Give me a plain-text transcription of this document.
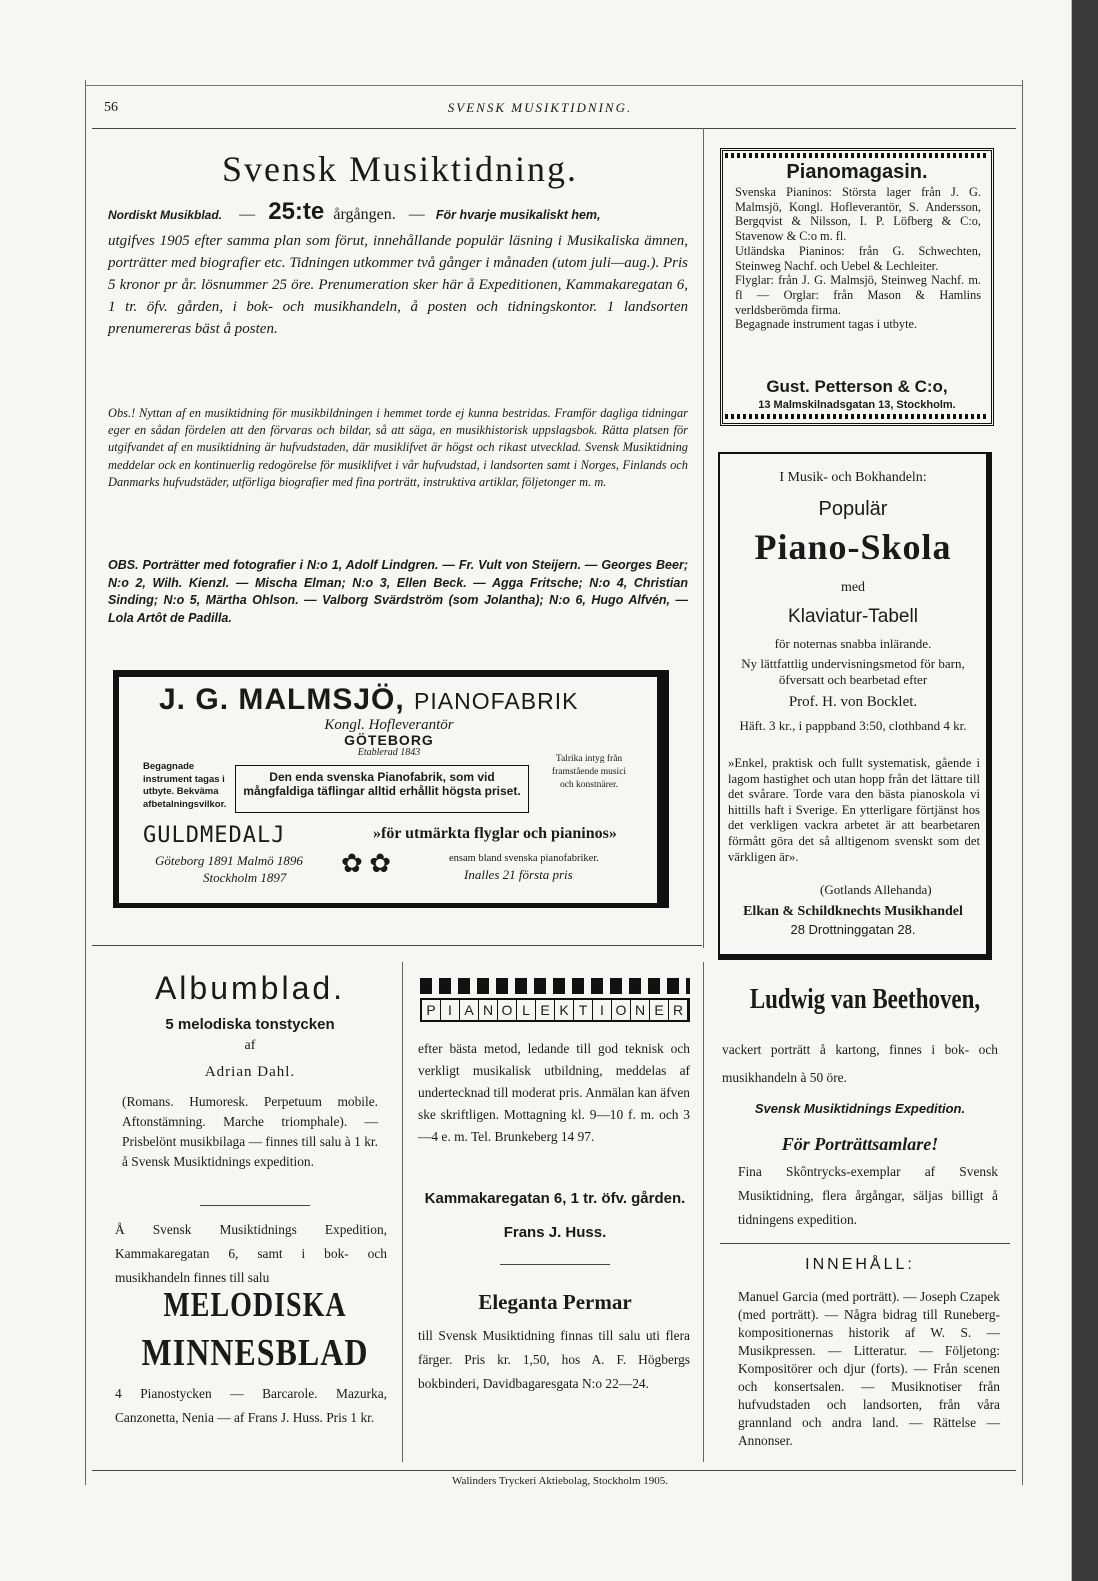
56	SVENSK MUSIKTIDNING.
Svensk Musiktidning.
Nordiskt Musikblad. — 25:te årgången. — För hvarje musikaliskt hem,
utgifves 1905 efter samma plan som förut, innehållande populär läsning i Musikaliska ämnen, porträtter med biografier etc. Tidningen utkommer två gånger i månaden (utom juli—aug.). Pris 5 kronor pr år. lösnummer 25 öre. Prenumeration sker här å Expeditionen, Kammakaregatan 6, 1 tr. öfv. gården, i bok- och musikhandeln, å posten och tidningskontor. 1 landsorten prenumereras bäst å posten.
Obs.! Nyttan af en musiktidning för musikbildningen i hemmet torde ej kunna bestridas. Framför dagliga tidningar eger en sådan fördelen att den förvaras och bildar, så att säga, en musikhistorisk uppslagsbok. Rätta platsen för utgifvandet af en musiktidning är hufvudstaden, där musiklifvet är högst och rikast utvecklad. Svensk Musiktidning meddelar ock en kontinuerlig redogörelse för musiklifvet i vår hufvudstad, i landsorten samt i Norges, Finlands och Danmarks hufvudstäder, utförliga biografier med fina porträtt, instruktiva artiklar, följetonger m. m.
OBS. Porträtter med fotografier i N:o 1, Adolf Lindgren. — Fr. Vult von Steijern. — Georges Beer; N:o 2, Wilh. Kienzl. — Mischa Elman; N:o 3, Ellen Beck. — Agga Fritsche; N:o 4, Christian Sinding; N:o 5, Märtha Ohlson. — Valborg Svärdström (som Jolantha); N:o 6, Hugo Alfvén, — Lola Artôt de Padilla.
J. G. MALMSJÖ, PIANOFABRIK
Kongl. Hofleverantör
GÖTEBORG
Etablerad 1843
Begagnade instrument tagas i utbyte. Bekväma afbetalningsvilkor.
Talrika intyg från framstående musici och konstnärer.
Den enda svenska Pianofabrik, som vid mångfaldiga täflingar alltid erhållit högsta priset.
GULDMEDALJ	»för utmärkta flyglar och pianinos»
Göteborg 1891 Malmö 1896
Stockholm 1897 ✿ ✿	ensam bland svenska pianofabriker.
Inalles 21 första pris
Pianomagasin.
Svenska Pianinos: Största lager från J. G. Malmsjö, Kongl. Hofleverantör, S. Andersson, Bergqvist & Nilsson, I. P. Löfberg & C:o, Stavenow & C:o m. fl.
Utländska Pianinos: från G. Schwechten, Steinweg Nachf. och Uebel & Lechleiter.
Flyglar: från J. G. Malmsjö, Steinweg Nachf. m. fl — Orglar: från Mason & Hamlins verldsberömda firma.
Begagnade instrument tagas i utbyte.
Gust. Petterson & C:o,
13 Malmskilnadsgatan 13, Stockholm.
I Musik- och Bokhandeln:
Populär
Piano-Skola
med
Klaviatur-Tabell
för noternas snabba inlärande.
Ny lättfattlig undervisningsmetod för barn, öfversatt och bearbetad efter
Prof. H. von Bocklet.
Häft. 3 kr., i pappband 3:50, clothband 4 kr.
»Enkel, praktisk och fullt systematisk, gående i lagom hastighet och utan hopp från det lättare till det svårare. Torde vara den bästa pianoskola vi hittills haft i Sverige. En ytterligare förtjänst hos det verkligen vackra arbetet är att bearbetaren förmått göra det så alltigenom svenskt som det värkligen är».
(Gotlands Allehanda)
Elkan & Schildknechts Musikhandel
28 Drottninggatan 28.
Albumblad.
5 melodiska tonstycken
af
Adrian Dahl.
(Romans. Humoresk. Perpetuum mobile. Aftonstämning. Marche triomphale). — Prisbelönt musikbilaga — finnes till salu à 1 kr. å Svensk Musiktidnings expedition.
Å Svensk Musiktidnings Expedition, Kammakaregatan 6, samt i bok- och musikhandeln finnes till salu
MELODISKA
MINNESBLAD
4 Pianostycken — Barcarole. Mazurka, Canzonetta, Nenia — af Frans J. Huss. Pris 1 kr.
P I A N O L E K T I O N E R
efter bästa metod, ledande till god teknisk och verkligt musikalisk utbildning, meddelas af undertecknad till moderat pris. Anmälan kan äfven ske skriftligen. Mottagning kl. 9—10 f. m. och 3—4 e. m. Tel. Brunkeberg 14 97.
Kammakaregatan 6, 1 tr. öfv. gården.
Frans J. Huss.
Eleganta Permar
till Svensk Musiktidning finnas till salu uti flera färger. Pris kr. 1,50, hos A. F. Högbergs bokbinderi, Davidbagaresgata N:o 22—24.
Ludwig van Beethoven,
vackert porträtt å kartong, finnes i bok- och musikhandeln à 50 öre.
Svensk Musiktidnings Expedition.
För Porträttsamlare!
Fina Skôntrycks-exemplar af Svensk Musiktidning, flera årgångar, säljas billigt å tidningens expedition.
INNEHÅLL:
Manuel Garcia (med porträtt). — Joseph Czapek (med porträtt). — Några bidrag till Runeberg-kompositionernas historik af W. S. — Musikpressen. — Litteratur. — Följetong: Kompositörer och djur (forts). — Från scenen och konsertsalen. — Musiknotiser från hufvudstaden och landsorten, från våra grannland och andra land. — Rättelse — Annonser.
Walinders Tryckeri Aktiebolag, Stockholm 1905.
